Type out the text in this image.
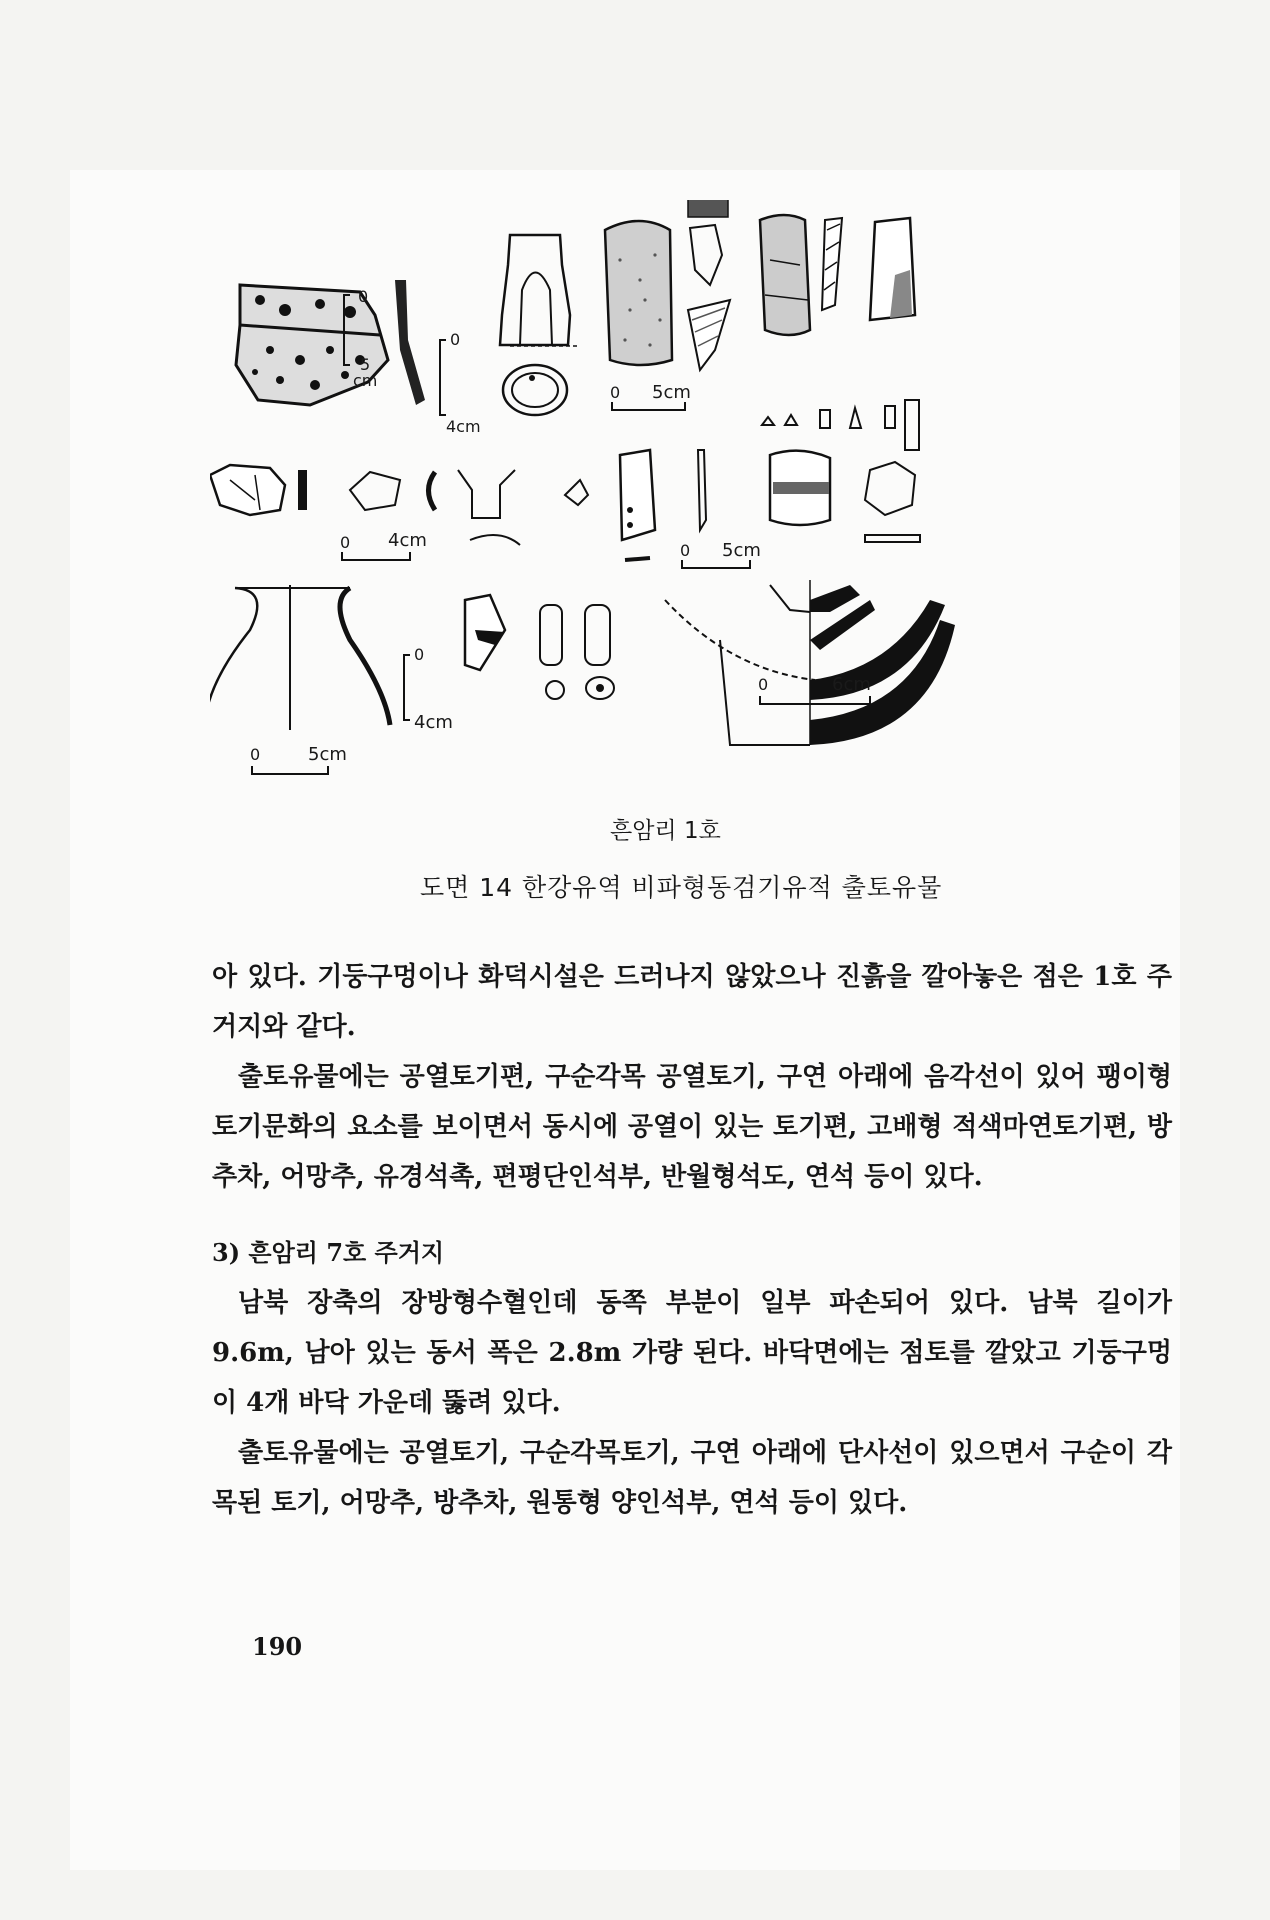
0
5
cm
0
4cm
0 5cm
0 4cm	0 5cm
0
4cm
0	5cm
0	6cm
흔암리 1호
도면 14 한강유역 비파형동검기유적 출토유물

아 있다. 기둥구멍이나 화덕시설은 드러나지 않았으나 진흙을 깔아놓은 점은 1호 주거지와 같다.

출토유물에는 공열토기편, 구순각목 공열토기, 구연 아래에 음각선이 있어 팽이형토기문화의 요소를 보이면서 동시에 공열이 있는 토기편, 고배형 적색마연토기편, 방추차, 어망추, 유경석촉, 편평단인석부, 반월형석도, 연석 등이 있다.

3) 흔암리 7호 주거지

남북 장축의 장방형수혈인데 동쪽 부분이 일부 파손되어 있다. 남북 길이가 9.6m, 남아 있는 동서 폭은 2.8m 가량 된다. 바닥면에는 점토를 깔았고 기둥구멍이 4개 바닥 가운데 뚫려 있다.

출토유물에는 공열토기, 구순각목토기, 구연 아래에 단사선이 있으면서 구순이 각목된 토기, 어망추, 방추차, 원통형 양인석부, 연석 등이 있다.

190
